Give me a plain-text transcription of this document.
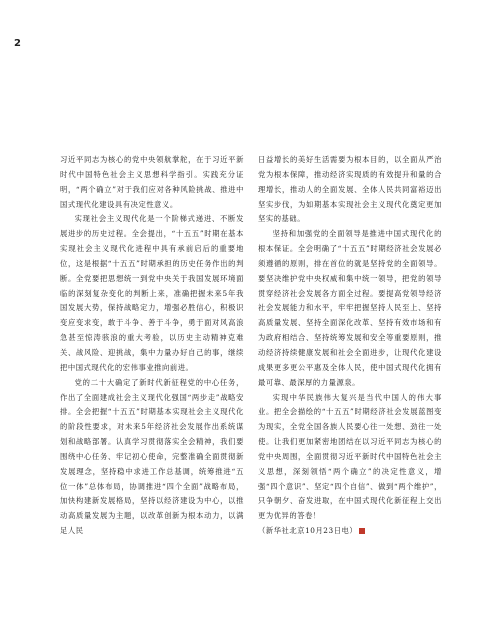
2

习近平同志为核心的党中央领航掌舵，在于习近平新时代中国特色社会主义思想科学指引。实践充分证明，“两个确立”对于我们应对各种风险挑战、推进中国式现代化建设具有决定性意义。

实现社会主义现代化是一个阶梯式递进、不断发展进步的历史过程。全会提出，“十五五”时期在基本实现社会主义现代化进程中具有承前启后的重要地位，这是根据“十五五”时期承担的历史任务作出的判断。全党要把思想统一到党中央关于我国发展环境面临的深刻复杂变化的判断上来，准确把握未来5年我国发展大势，保持战略定力，增强必胜信心，积极识变应变求变，敢于斗争、善于斗争，勇于面对风高浪急甚至惊涛骇浪的重大考验，以历史主动精神克难关、战风险、迎挑战，集中力量办好自己的事，继续把中国式现代化的宏伟事业推向前进。

党的二十大确定了新时代新征程党的中心任务，作出了全面建成社会主义现代化强国“两步走”战略安排。全会把握“十五五”时期基本实现社会主义现代化的阶段性要求，对未来5年经济社会发展作出系统谋划和战略部署。认真学习贯彻落实全会精神，我们要围绕中心任务、牢记初心使命，完整准确全面贯彻新发展理念，坚持稳中求进工作总基调，统筹推进“五位一体”总体布局，协调推进“四个全面”战略布局，加快构建新发展格局，坚持以经济建设为中心，以推动高质量发展为主题，以改革创新为根本动力，以满足人民

日益增长的美好生活需要为根本目的，以全面从严治党为根本保障，推动经济实现质的有效提升和量的合理增长，推动人的全面发展、全体人民共同富裕迈出坚实步伐，为如期基本实现社会主义现代化奠定更加坚实的基础。

坚持和加强党的全面领导是推进中国式现代化的根本保证。全会明确了“十五五”时期经济社会发展必须遵循的原则，排在首位的就是坚持党的全面领导。要坚决维护党中央权威和集中统一领导，把党的领导贯穿经济社会发展各方面全过程。要提高党领导经济社会发展能力和水平，牢牢把握坚持人民至上、坚持高质量发展、坚持全面深化改革、坚持有效市场和有为政府相结合、坚持统筹发展和安全等重要原则，推动经济持续健康发展和社会全面进步，让现代化建设成果更多更公平惠及全体人民，使中国式现代化拥有最可靠、最深厚的力量源泉。

实现中华民族伟大复兴是当代中国人的伟大事业。把全会描绘的“十五五”时期经济社会发展蓝图变为现实，全党全国各族人民要心往一处想、劲往一处使。让我们更加紧密地团结在以习近平同志为核心的党中央周围，全面贯彻习近平新时代中国特色社会主义思想，深刻领悟“两个确立”的决定性意义，增强“四个意识”、坚定“四个自信”、做到“两个维护”，只争朝夕、奋发进取，在中国式现代化新征程上交出更为优异的答卷！

（新华社北京10月23日电）
